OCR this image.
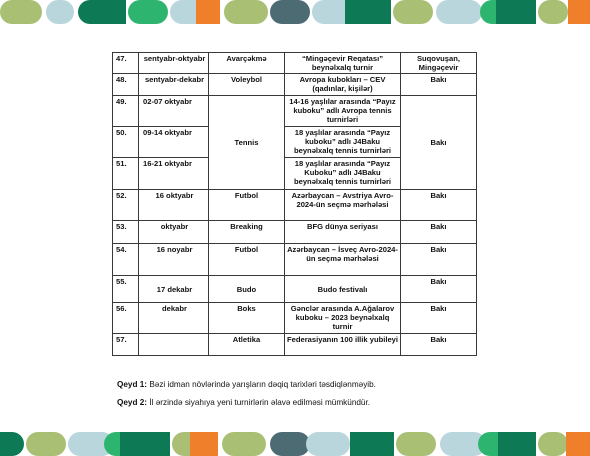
47.	sentyabr-oktyabr	Avarçəkmə	“Mingəçevir Reqatası” beynəlxalq turnir	Suqovuşan, Mingəçevir
48.	sentyabr-dekabr	Voleybol	Avropa kubokları – CEV (qadınlar, kişilər)	Bakı
49.	02-07 oktyabr	Tennis	14-16 yaşlılar arasında “Payız kuboku” adlı Avropa tennis turnirləri	Bakı
50.	09-14 oktyabr		18 yaşlılar arasında “Payız kuboku” adlı J4Baku beynəlxalq tennis turnirləri	
51.	16-21 oktyabr		18 yaşlılar arasında “Payız Kuboku” adlı J4Baku beynəlxalq tennis turnirləri	
52.	16 oktyabr	Futbol	Azərbaycan – Avstriya Avro-2024-ün seçmə mərhələsi	Bakı
53.	oktyabr	Breaking	BFG dünya seriyası	Bakı
54.	16 noyabr	Futbol	Azərbaycan – İsveç Avro-2024-ün seçmə mərhələsi	Bakı
55.	17 dekabr	Budo	Budo festivalı	Bakı
56.	dekabr	Boks	Gənclər arasında A.Ağalarov kuboku – 2023 beynəlxalq turnir	Bakı
57.		Atletika	Federasiyanın 100 illik yubileyi	Bakı
Qeyd 1: Bəzi idman növlərində yarışların dəqiq tarixləri təsdiqlənməyib.
Qeyd 2: İl ərzində siyahıya yeni turnirlərin əlavə edilməsi mümkündür.
